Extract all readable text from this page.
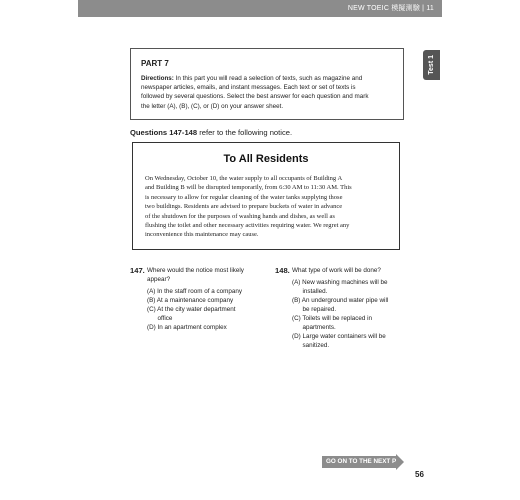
NEW TOEIC 模擬測驗 | 11
Test 1
PART 7
Directions: In this part you will read a selection of texts, such as magazine and
newspaper articles, emails, and instant messages. Each text or set of texts is
followed by several questions. Select the best answer for each question and mark
the letter (A), (B), (C), or (D) on your answer sheet.
Questions 147-148 refer to the following notice.
To All Residents
On Wednesday, October 10, the water supply to all occupants of Building A
and Building B will be disrupted temporarily, from 6:30 AM to 11:30 AM. This
is necessary to allow for regular cleaning of the water tanks supplying those
two buildings. Residents are advised to prepare buckets of water in advance
of the shutdown for the purposes of washing hands and dishes, as well as
flushing the toilet and other necessary activities requiring water. We regret any
inconvenience this maintenance may cause.
147. Where would the notice most likely
appear?
(A) In the staff room of a company
(B) At a maintenance company
(C) At the city water department
office
(D) In an apartment complex
148. What type of work will be done?
(A) New washing machines will be
installed.
(B) An underground water pipe will
be repaired.
(C) Toilets will be replaced in
apartments.
(D) Large water containers will be
sanitized.
GO ON TO THE NEXT PAGE
56
